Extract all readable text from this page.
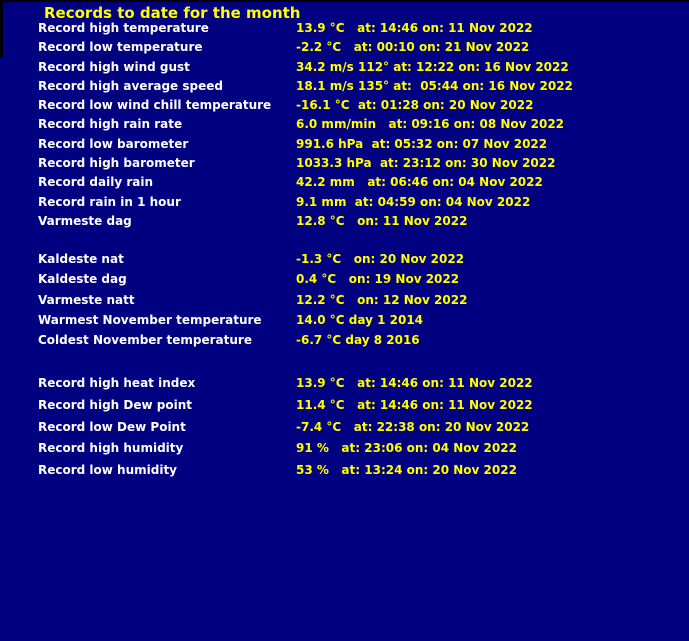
Records to date for the month
Record high temperature	13.9 °C   at: 14:46 on: 11 Nov 2022
Record low temperature	-2.2 °C   at: 00:10 on: 21 Nov 2022
Record high wind gust	34.2 m/s 112° at: 12:22 on: 16 Nov 2022
Record high average speed	18.1 m/s 135° at:  05:44 on: 16 Nov 2022
Record low wind chill temperature	-16.1 °C  at: 01:28 on: 20 Nov 2022
Record high rain rate	6.0 mm/min   at: 09:16 on: 08 Nov 2022
Record low barometer	991.6 hPa  at: 05:32 on: 07 Nov 2022
Record high barometer	1033.3 hPa  at: 23:12 on: 30 Nov 2022
Record daily rain	42.2 mm   at: 06:46 on: 04 Nov 2022
Record rain in 1 hour	9.1 mm  at: 04:59 on: 04 Nov 2022
Varmeste dag	12.8 °C   on: 11 Nov 2022
Kaldeste nat	-1.3 °C   on: 20 Nov 2022
Kaldeste dag	0.4 °C   on: 19 Nov 2022
Varmeste natt	12.2 °C   on: 12 Nov 2022
Warmest November temperature	14.0 °C day 1 2014
Coldest November temperature	-6.7 °C day 8 2016
Record high heat index	13.9 °C   at: 14:46 on: 11 Nov 2022
Record high Dew point	11.4 °C   at: 14:46 on: 11 Nov 2022
Record low Dew Point	-7.4 °C   at: 22:38 on: 20 Nov 2022
Record high humidity	91 %   at: 23:06 on: 04 Nov 2022
Record low humidity	53 %   at: 13:24 on: 20 Nov 2022
